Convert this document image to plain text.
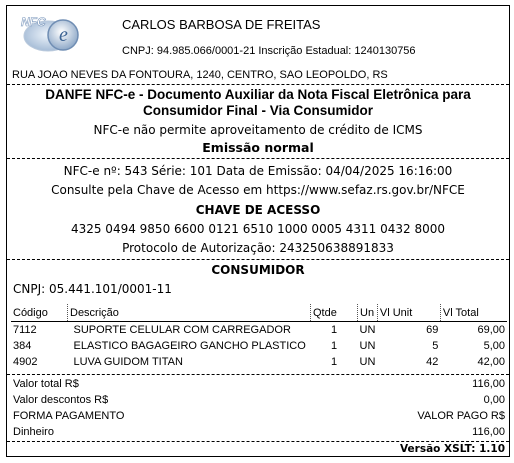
e
NFC	CARLOS BARBOSA DE FREITAS
CNPJ: 94.985.066/0001-21 Inscrição Estadual: 1240130756
RUA JOAO NEVES DA FONTOURA, 1240, CENTRO, SAO LEOPOLDO, RS
DANFE NFC-e - Documento Auxiliar da Nota Fiscal Eletrônica para
Consumidor Final - Via Consumidor
NFC-e não permite aproveitamento de crédito de ICMS
Emissão normal
NFC-e nº: 543 Série: 101 Data de Emissão: 04/04/2025 16:16:00
Consulte pela Chave de Acesso em https://www.sefaz.rs.gov.br/NFCE
CHAVE DE ACESSO
4325 0494 9850 6600 0121 6510 1000 0005 4311 0432 8000
Protocolo de Autorização: 243250638891833
CONSUMIDOR
CNPJ: 05.441.101/0001-11
Código	Descrição	Qtde	Un	Vl Unit	Vl Total
7112	SUPORTE CELULAR COM CARREGADOR	1	UN	69	69,00
384	ELASTICO BAGAGEIRO GANCHO PLASTICO	1	UN	5	5,00
4902	LUVA GUIDOM TITAN	1	UN	42	42,00
Valor total R$	116,00
Valor descontos R$	0,00
FORMA PAGAMENTO	VALOR PAGO R$
Dinheiro	116,00
Versão XSLT: 1.10
